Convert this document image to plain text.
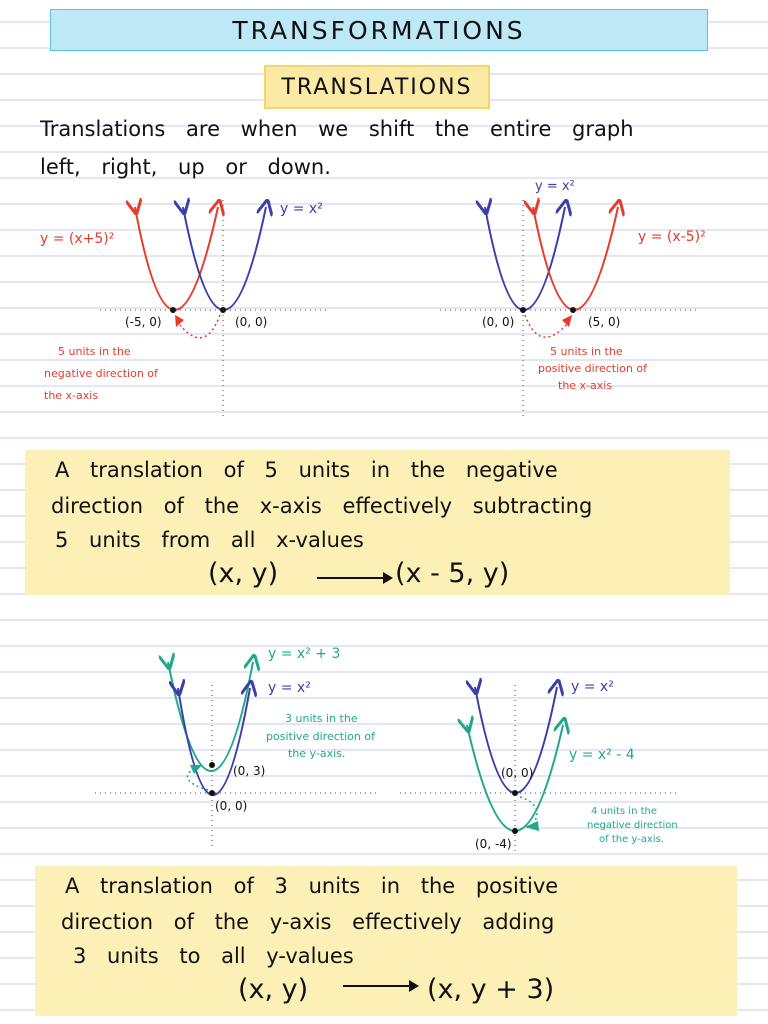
TRANSFORMATIONS
TRANSLATIONS
Translations are when we shift the entire graph
left, right, up or down.
y = x²
y = (x+5)²
(-5, 0)	(0, 0)
5 units in the
negative direction of
the x-axis
y = x²
y = (x-5)²
(0, 0)	(5, 0)
5 units in the
positive direction of
the x-axis
A translation of 5 units in the negative
direction of the x-axis effectively subtracting
5 units from all x-values
(x, y)	(x - 5, y)
y = x² + 3
y = x²
(0, 3)
(0, 0)
3 units in the
positive direction of
the y-axis.
y = x²
y = x² - 4
(0, 0)
(0, -4)
4 units in the
negative direction
of the y-axis.
A translation of 3 units in the positive
direction of the y-axis effectively adding
3 units to all y-values
(x, y)	(x, y + 3)
